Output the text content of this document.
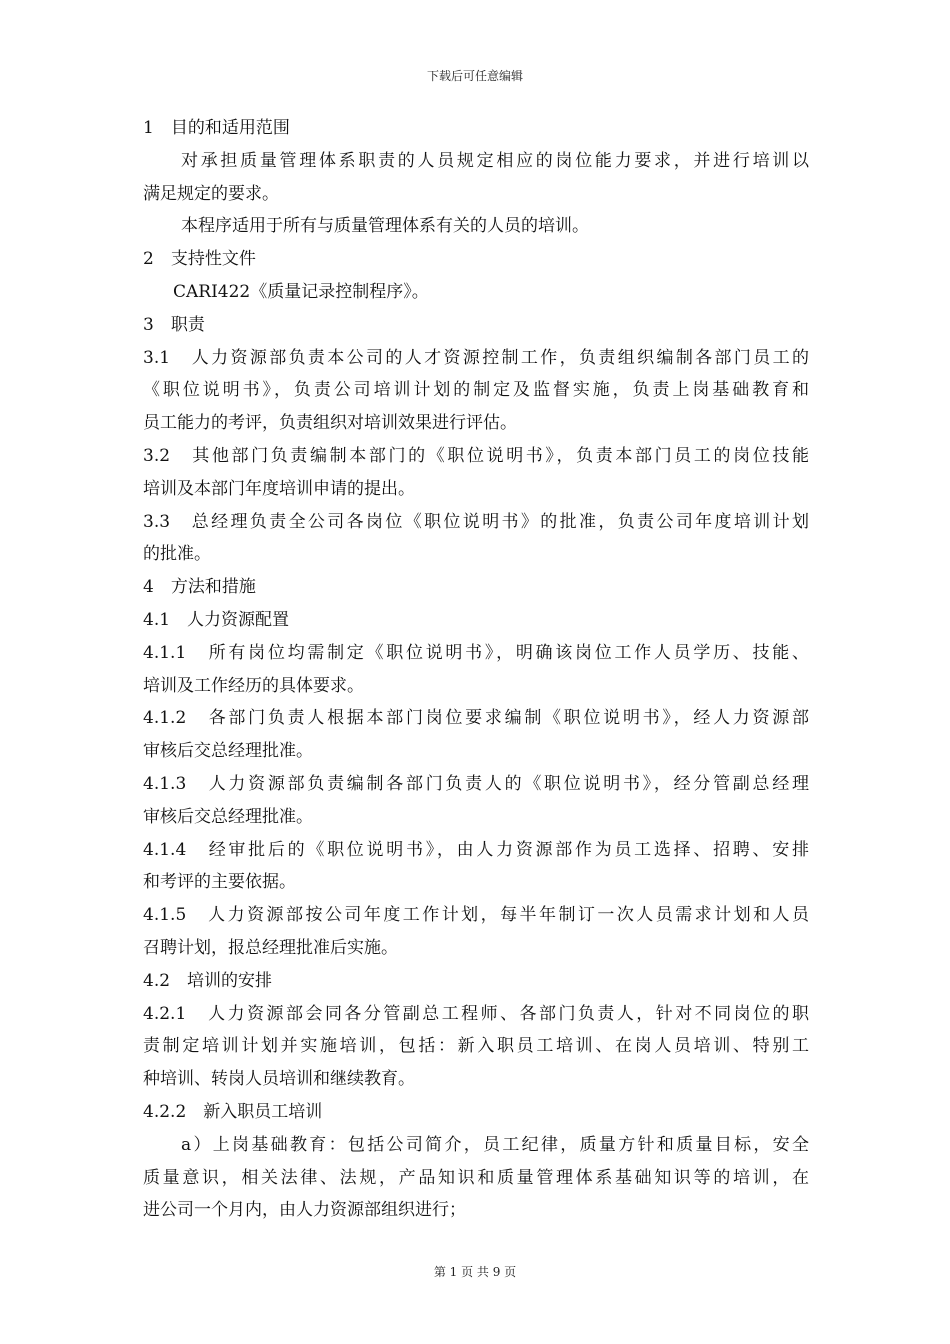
下载后可任意编辑
1　目的和适用范围
对承担质量管理体系职责的人员规定相应的岗位能力要求，并进行培训以
满足规定的要求。
本程序适用于所有与质量管理体系有关的人员的培训。
2　支持性文件
CARI422《质量记录控制程序》。
3　职责
3.1　人力资源部负责本公司的人才资源控制工作，负责组织编制各部门员工的
《职位说明书》，负责公司培训计划的制定及监督实施，负责上岗基础教育和
员工能力的考评，负责组织对培训效果进行评估。
3.2　其他部门负责编制本部门的《职位说明书》，负责本部门员工的岗位技能
培训及本部门年度培训申请的提出。
3.3　总经理负责全公司各岗位《职位说明书》的批准，负责公司年度培训计划
的批准。
4　方法和措施
4.1　人力资源配置
4.1.1　所有岗位均需制定《职位说明书》，明确该岗位工作人员学历、技能、
培训及工作经历的具体要求。
4.1.2　各部门负责人根据本部门岗位要求编制《职位说明书》，经人力资源部
审核后交总经理批准。
4.1.3　人力资源部负责编制各部门负责人的《职位说明书》，经分管副总经理
审核后交总经理批准。
4.1.4　经审批后的《职位说明书》，由人力资源部作为员工选择、招聘、安排
和考评的主要依据。
4.1.5　人力资源部按公司年度工作计划，每半年制订一次人员需求计划和人员
召聘计划，报总经理批准后实施。
4.2　培训的安排
4.2.1　人力资源部会同各分管副总工程师、各部门负责人，针对不同岗位的职
责制定培训计划并实施培训，包括：新入职员工培训、在岗人员培训、特别工
种培训、转岗人员培训和继续教育。
4.2.2　新入职员工培训
a）上岗基础教育：包括公司简介，员工纪律，质量方针和质量目标，安全
质量意识，相关法律、法规，产品知识和质量管理体系基础知识等的培训，在
进公司一个月内，由人力资源部组织进行；
第 1 页 共 9 页
